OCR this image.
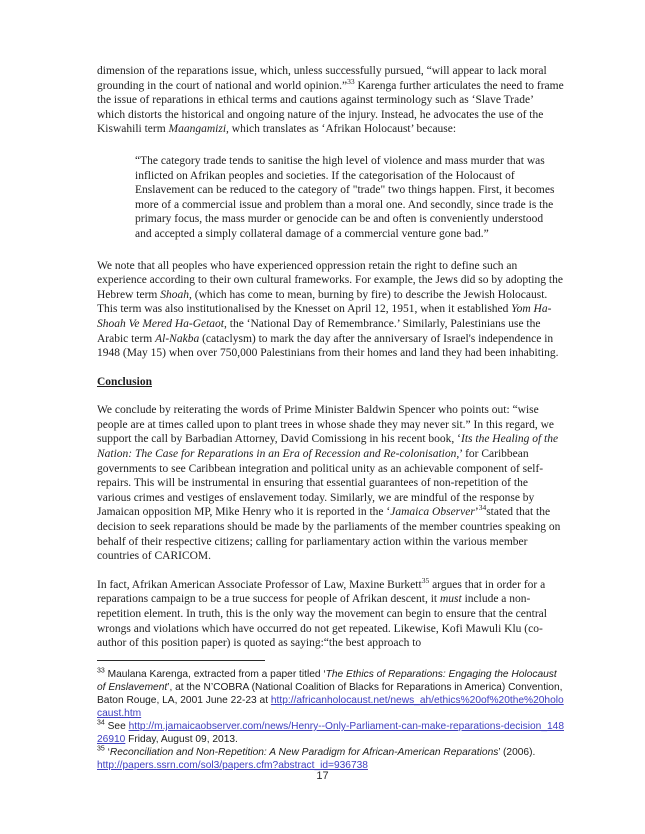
dimension of the reparations issue, which, unless successfully pursued, “will appear to lack moral grounding in the court of national and world opinion.”$^{33}$ Karenga further articulates the need to frame the issue of reparations in ethical terms and cautions against terminology such as ‘Slave Trade’ which distorts the historical and ongoing nature of the injury. Instead, he advocates the use of the Kiswahili term Maangamizi, which translates as ‘Afrikan Holocaust’ because:

“The category trade tends to sanitise the high level of violence and mass murder that was inflicted on Afrikan peoples and societies. If the categorisation of the Holocaust of Enslavement can be reduced to the category of "trade" two things happen. First, it becomes more of a commercial issue and problem than a moral one. And secondly, since trade is the primary focus, the mass murder or genocide can be and often is conveniently understood and accepted a simply collateral damage of a commercial venture gone bad.”

We note that all peoples who have experienced oppression retain the right to define such an experience according to their own cultural frameworks. For example, the Jews did so by adopting the Hebrew term Shoah, (which has come to mean, burning by fire) to describe the Jewish Holocaust. This term was also institutionalised by the Knesset on April 12, 1951, when it established Yom Ha-Shoah Ve Mered Ha-Getaot, the ‘National Day of Remembrance.’ Similarly, Palestinians use the Arabic term Al-Nakba (cataclysm) to mark the day after the anniversary of Israel's independence in 1948 (May 15) when over 750,000 Palestinians from their homes and land they had been inhabiting.

Conclusion

We conclude by reiterating the words of Prime Minister Baldwin Spencer who points out: “wise people are at times called upon to plant trees in whose shade they may never sit.” In this regard, we support the call by Barbadian Attorney, David Comissiong in his recent book, ‘Its the Healing of the Nation: The Case for Reparations in an Era of Recession and Re-colonisation,’ for Caribbean governments to see Caribbean integration and political unity as an achievable component of self-repairs. This will be instrumental in ensuring that essential guarantees of non-repetition of the various crimes and vestiges of enslavement today. Similarly, we are mindful of the response by Jamaican opposition MP, Mike Henry who it is reported in the ‘Jamaica Observer’$^{34}$stated that the decision to seek reparations should be made by the parliaments of the member countries speaking on behalf of their respective citizens; calling for parliamentary action within the various member countries of CARICOM.

In fact, Afrikan American Associate Professor of Law, Maxine Burkett$^{35}$ argues that in order for a reparations campaign to be a true success for people of Afrikan descent, it must include a non-repetition element. In truth, this is the only way the movement can begin to ensure that the central wrongs and violations which have occurred do not get repeated. Likewise, Kofi Mawuli Klu (co-author of this position paper) is quoted as saying:“the best approach to

$^{33}$ Maulana Karenga, extracted from a paper titled ‘The Ethics of Reparations: Engaging the Holocaust of Enslavement’, at the N’COBRA (National Coalition of Blacks for Reparations in America) Convention, Baton Rouge, LA, 2001 June 22-23 at http://africanholocaust.net/news_ah/ethics%20of%20the%20holocaust.htm

$^{34}$ See http://m.jamaicaobserver.com/news/Henry--Only-Parliament-can-make-reparations-decision_14826910 Friday, August 09, 2013.

$^{35}$ ‘Reconciliation and Non-Repetition: A New Paradigm for African-American Reparations’ (2006).
http://papers.ssrn.com/sol3/papers.cfm?abstract_id=936738

17
